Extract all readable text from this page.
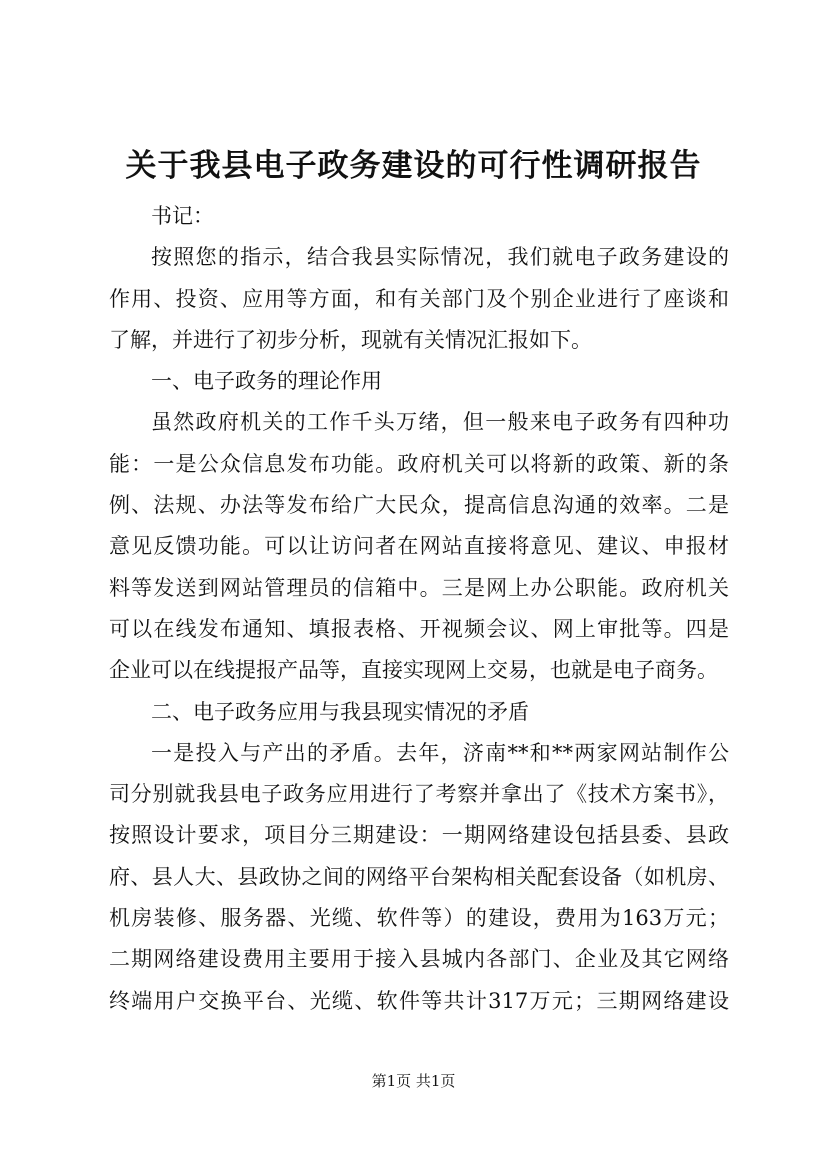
关于我县电子政务建设的可行性调研报告
书记：
按照您的指示，结合我县实际情况，我们就电子政务建设的
作用、投资、应用等方面，和有关部门及个别企业进行了座谈和
了解，并进行了初步分析，现就有关情况汇报如下。
一、电子政务的理论作用
虽然政府机关的工作千头万绪，但一般来电子政务有四种功
能：一是公众信息发布功能。政府机关可以将新的政策、新的条
例、法规、办法等发布给广大民众，提高信息沟通的效率。二是
意见反馈功能。可以让访问者在网站直接将意见、建议、申报材
料等发送到网站管理员的信箱中。三是网上办公职能。政府机关
可以在线发布通知、填报表格、开视频会议、网上审批等。四是
企业可以在线提报产品等，直接实现网上交易，也就是电子商务。
二、电子政务应用与我县现实情况的矛盾
一是投入与产出的矛盾。去年，济南**和**两家网站制作公
司分别就我县电子政务应用进行了考察并拿出了《技术方案书》，
按照设计要求，项目分三期建设：一期网络建设包括县委、县政
府、县人大、县政协之间的网络平台架构相关配套设备（如机房、
机房装修、服务器、光缆、软件等）的建设，费用为163万元；
二期网络建设费用主要用于接入县城内各部门、企业及其它网络
终端用户交换平台、光缆、软件等共计317万元；三期网络建设
第1页 共1页
